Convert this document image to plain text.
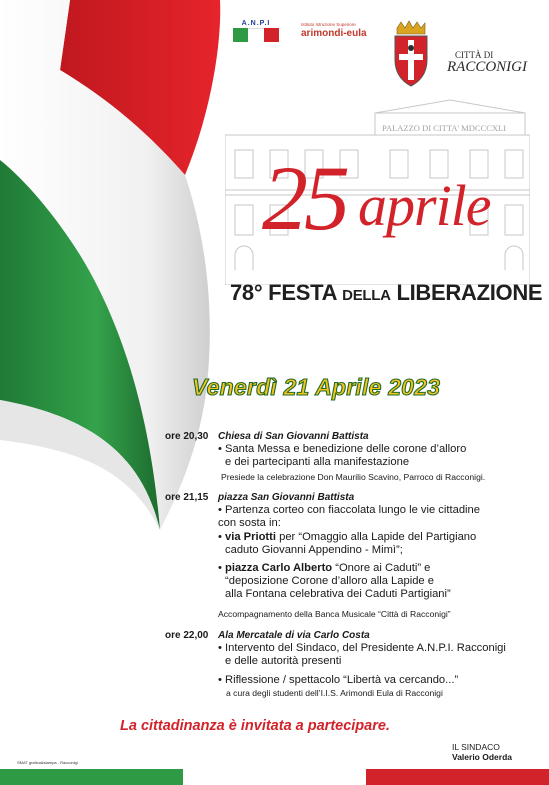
A.N.P.I	Istituto Istruzione Superiore
arimondi-eula
CITTÀ DI
RACCONIGI
PALAZZO DI CITTA' MDCCCXLI
25 aprile
78° FESTA DELLA LIBERAZIONE
Venerdì 21 Aprile 2023
ore 20,30 Chiesa di San Giovanni Battista
• Santa Messa e benedizione delle corone d’alloro
e dei partecipanti alla manifestazione
Presiede la celebrazione Don Maurilio Scavino, Parroco di Racconigi.
ore 21,15 piazza San Giovanni Battista
• Partenza corteo con fiaccolata lungo le vie cittadine
con sosta in:
• via Priotti per “Omaggio alla Lapide del Partigiano
caduto Giovanni Appendino - Mimì”;
• piazza Carlo Alberto “Onore ai Caduti” e
“deposizione Corone d’alloro alla Lapide e
alla Fontana celebrativa dei Caduti Partigiani”
Accompagnamento della Banca Musicale “Città di Racconigi”
ore 22,00 Ala Mercatale di via Carlo Costa
• Intervento del Sindaco, del Presidente A.N.P.I. Racconigi
e delle autorità presenti
• Riflessione / spettacolo “Libertà va cercando...”
a cura degli studenti dell’I.I.S. Arimondi Eula di Racconigi
La cittadinanza è invitata a partecipare.
IL SINDACO
Valerio Oderda
SMAT grafica&stampa - Racconigi
